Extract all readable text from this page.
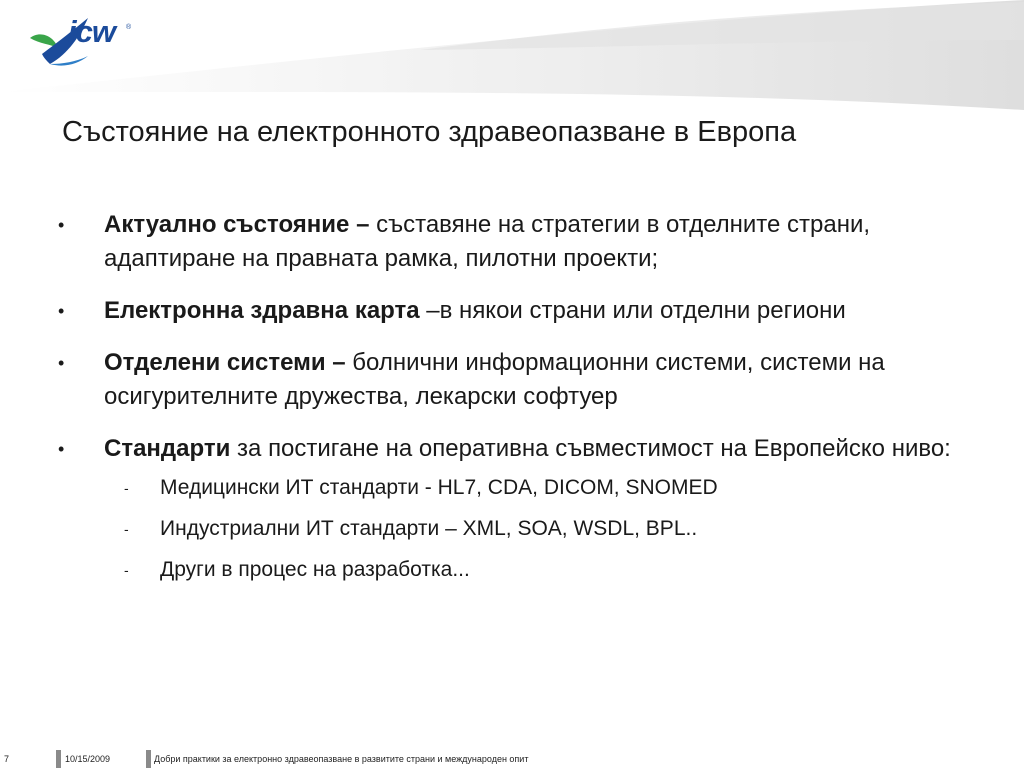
icw ®
Състояние на електронното здравеопазване в Европа
• Актуално състояние – съставяне на стратегии в отделните страни, адаптиране на правната рамка, пилотни проекти;
• Електронна здравна карта –в някои страни или отделни региони
• Отделени системи – болнични информационни системи, системи на осигурителните дружества, лекарски софтуер
• Стандарти за постигане на оперативна съвместимост на Европейско ниво:
- Медицински ИТ стандарти - HL7, CDA, DICOM, SNOMED
- Индустриални ИТ стандарти – XML, SOA, WSDL, BPL..
- Други в процес на разработка...
7	10/15/2009	Добри практики за електронно здравеопазване в развитите страни и международен опит
